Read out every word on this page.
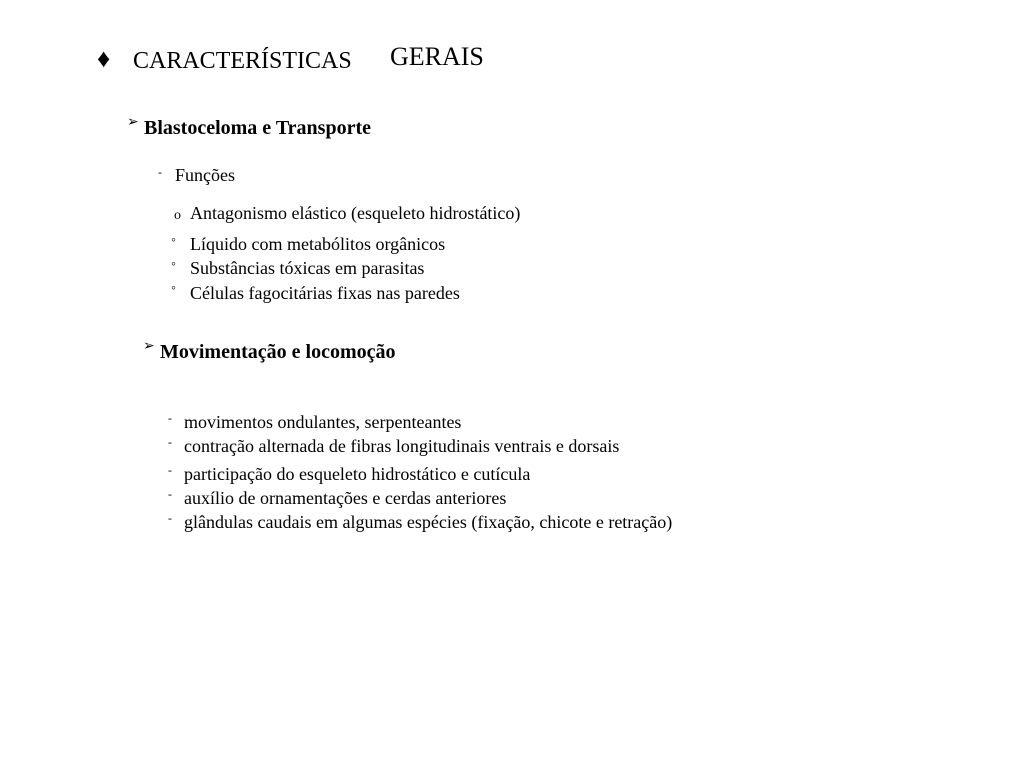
♦ CARACTERÍSTICAS GERAIS
➢ Blastoceloma e Transporte
- Funções
o Antagonismo elástico (esqueleto hidrostático)
◦ Líquido com metabólitos orgânicos
◦ Substâncias tóxicas em parasitas
◦ Células fagocitárias fixas nas paredes
➢ Movimentação e locomoção
- movimentos ondulantes, serpenteantes
- contração alternada de fibras longitudinais ventrais e dorsais
- participação do esqueleto hidrostático e cutícula
- auxílio de ornamentações e cerdas anteriores
- glândulas caudais em algumas espécies (fixação, chicote e retração)
